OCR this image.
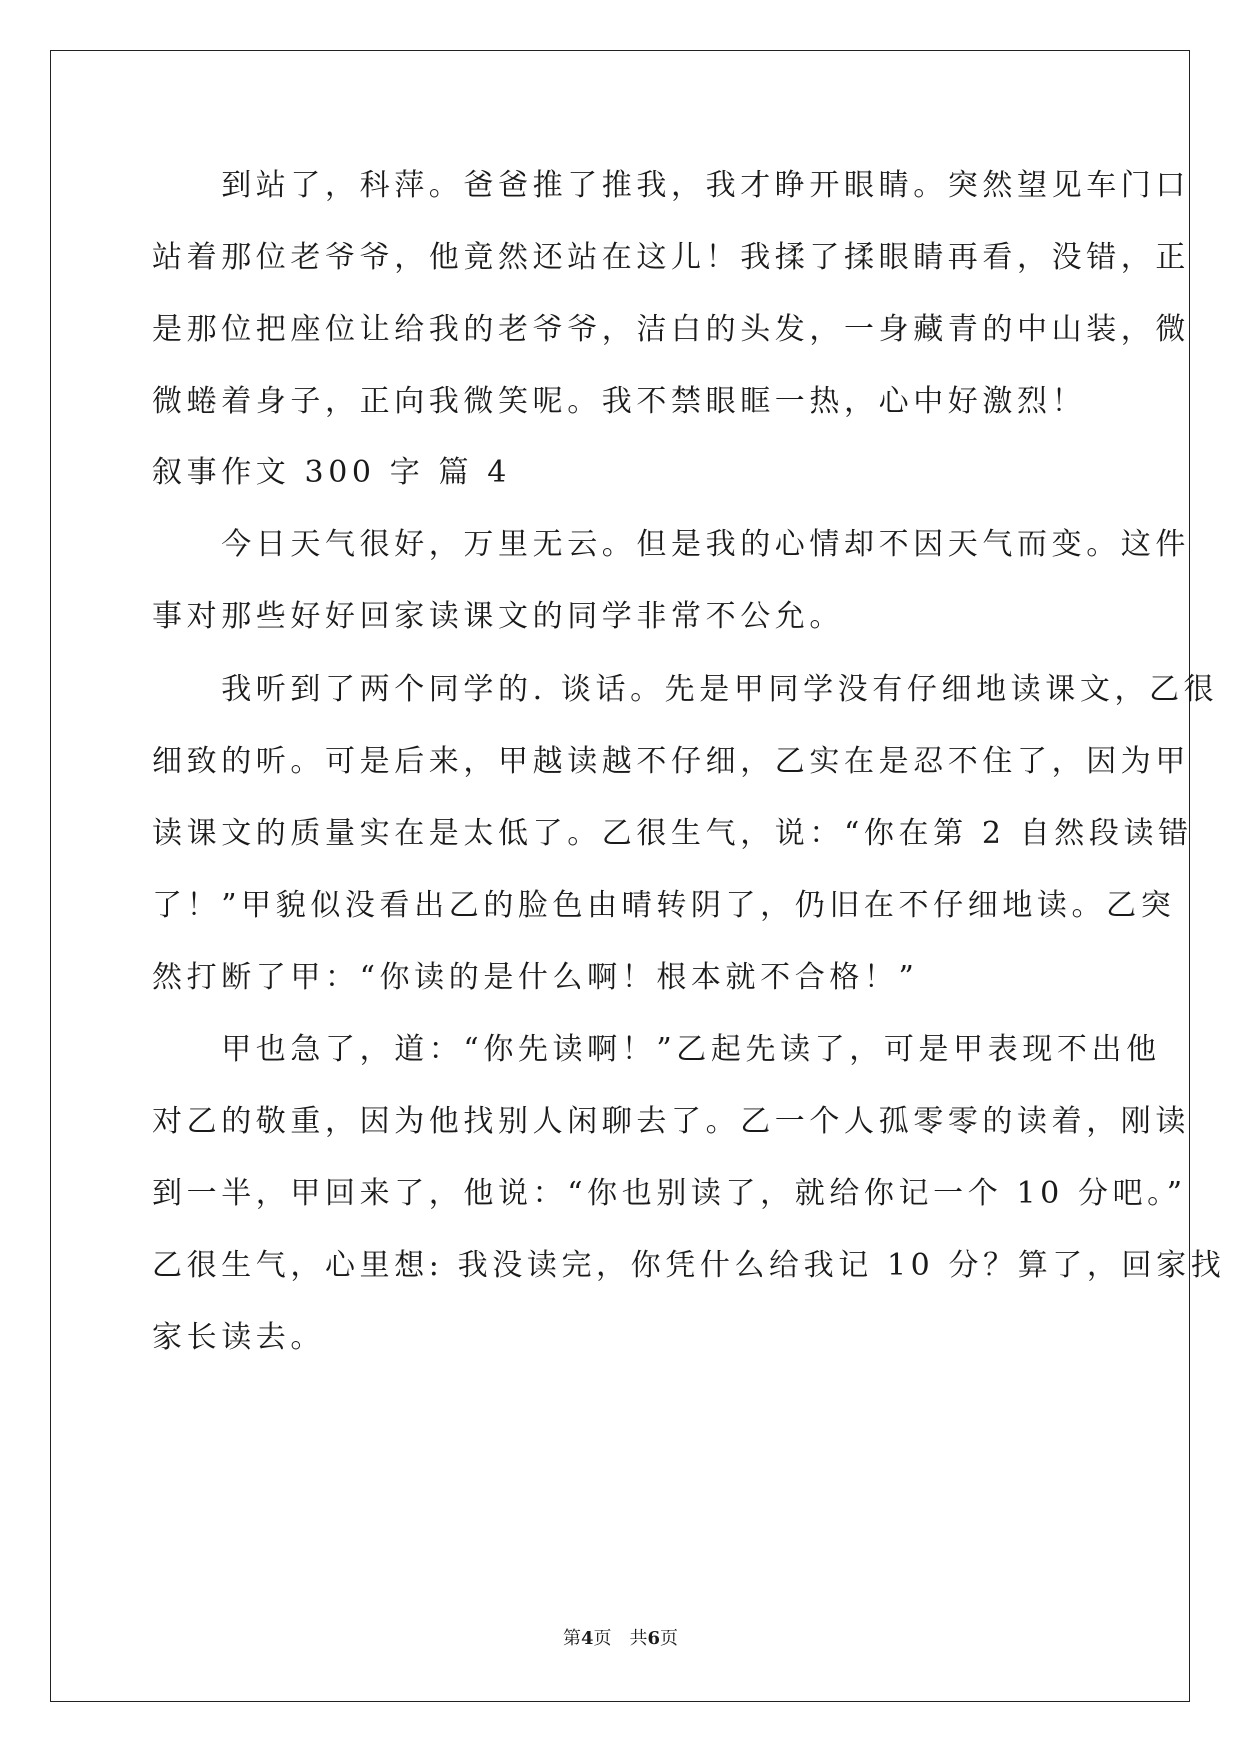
　　到站了，科萍。爸爸推了推我，我才睁开眼睛。突然望见车门口
站着那位老爷爷，他竟然还站在这儿！我揉了揉眼睛再看，没错，正
是那位把座位让给我的老爷爷，洁白的头发，一身藏青的中山装，微
微蜷着身子，正向我微笑呢。我不禁眼眶一热，心中好激烈！
叙事作文 300 字 篇 4
　　今日天气很好，万里无云。但是我的心情却不因天气而变。这件
事对那些好好回家读课文的同学非常不公允。
　　我听到了两个同学的. 谈话。先是甲同学没有仔细地读课文，乙很
细致的听。可是后来，甲越读越不仔细，乙实在是忍不住了，因为甲
读课文的质量实在是太低了。乙很生气，说：“你在第 2 自然段读错
了！”甲貌似没看出乙的脸色由晴转阴了，仍旧在不仔细地读。乙突
然打断了甲：“你读的是什么啊！根本就不合格！”
　　甲也急了，道：“你先读啊！”乙起先读了，可是甲表现不出他
对乙的敬重，因为他找别人闲聊去了。乙一个人孤零零的读着，刚读
到一半，甲回来了，他说：“你也别读了，就给你记一个 10 分吧。”
乙很生气，心里想: 我没读完，你凭什么给我记 10 分？算了，回家找
家长读去。
第4页　共6页
